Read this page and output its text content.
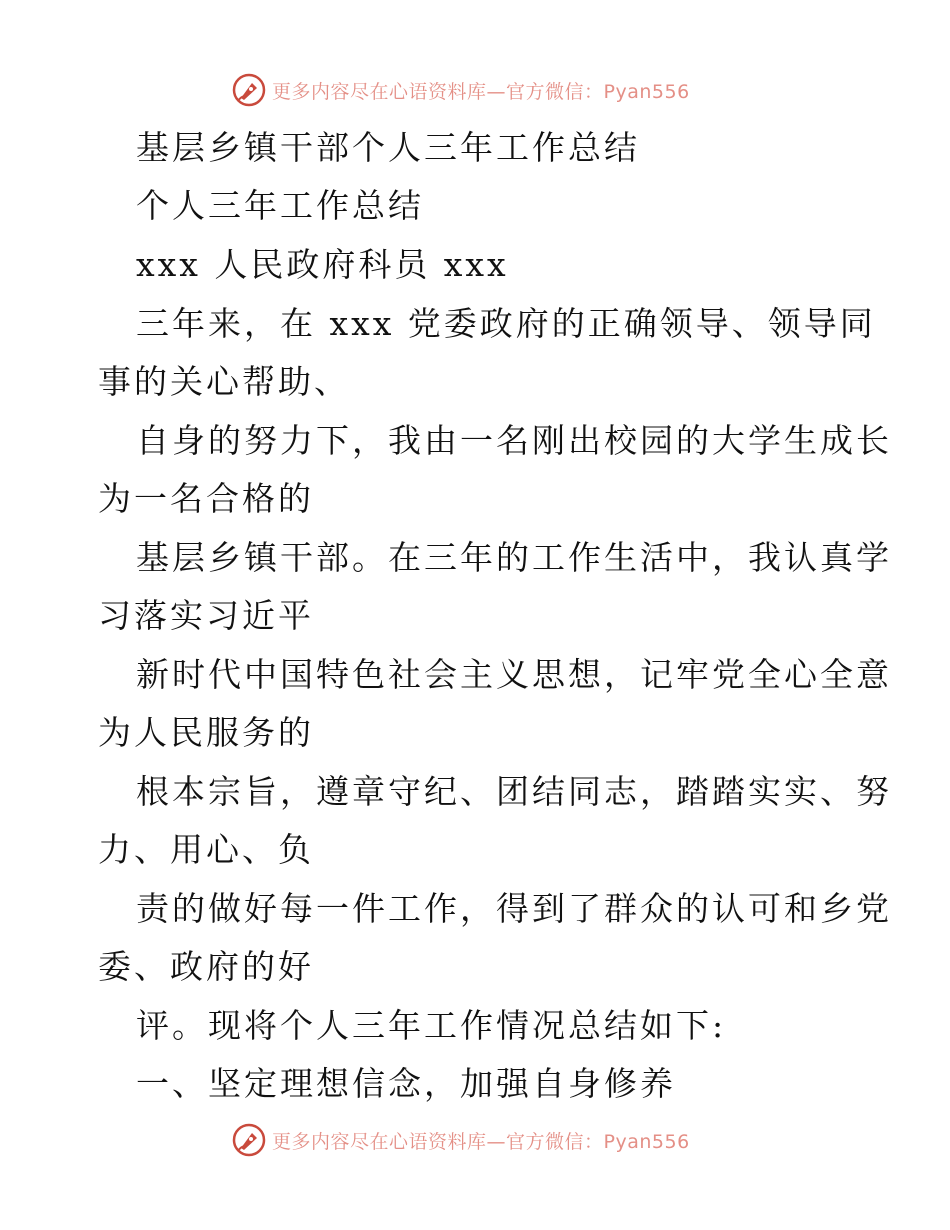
更多内容尽在心语资料库—官方微信：Pyan556
基层乡镇干部个人三年工作总结
个人三年工作总结
xxx 人民政府科员 xxx
三年来，在 xxx 党委政府的正确领导、领导同
事的关心帮助、
自身的努力下，我由一名刚出校园的大学生成长
为一名合格的
基层乡镇干部。在三年的工作生活中，我认真学
习落实习近平
新时代中国特色社会主义思想，记牢党全心全意
为人民服务的
根本宗旨，遵章守纪、团结同志，踏踏实实、努
力、用心、负
责的做好每一件工作，得到了群众的认可和乡党
委、政府的好
评。现将个人三年工作情况总结如下:
一、坚定理想信念，加强自身修养
更多内容尽在心语资料库—官方微信：Pyan556
